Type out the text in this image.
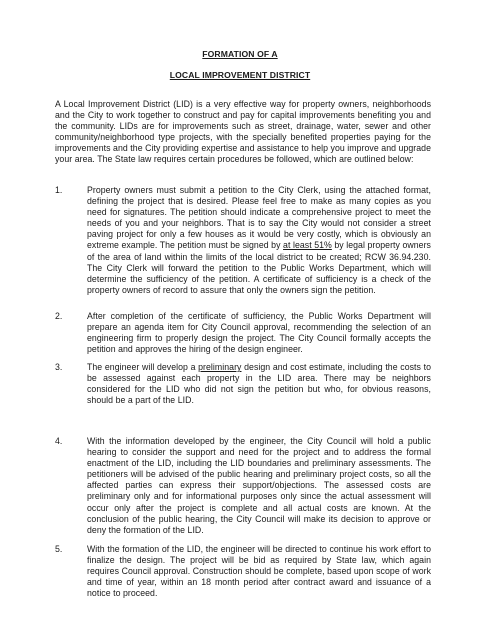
FORMATION OF A
LOCAL IMPROVEMENT DISTRICT
A Local Improvement District (LID) is a very effective way for property owners, neighborhoods and the City to work together to construct and pay for capital improvements benefiting you and the community. LIDs are for improvements such as street, drainage, water, sewer and other community/neighborhood type projects, with the specially benefited properties paying for the improvements and the City providing expertise and assistance to help you improve and upgrade your area. The State law requires certain procedures be followed, which are outlined below:
1.	Property owners must submit a petition to the City Clerk, using the attached format, defining the project that is desired. Please feel free to make as many copies as you need for signatures. The petition should indicate a comprehensive project to meet the needs of you and your neighbors. That is to say the City would not consider a street paving project for only a few houses as it would be very costly, which is obviously an extreme example. The petition must be signed by at least 51% by legal property owners of the area of land within the limits of the local district to be created; RCW 36.94.230. The City Clerk will forward the petition to the Public Works Department, which will determine the sufficiency of the petition. A certificate of sufficiency is a check of the property owners of record to assure that only the owners sign the petition.
2.	After completion of the certificate of sufficiency, the Public Works Department will prepare an agenda item for City Council approval, recommending the selection of an engineering firm to properly design the project. The City Council formally accepts the petition and approves the hiring of the design engineer.
3.	The engineer will develop a preliminary design and cost estimate, including the costs to be assessed against each property in the LID area. There may be neighbors considered for the LID who did not sign the petition but who, for obvious reasons, should be a part of the LID.
4.	With the information developed by the engineer, the City Council will hold a public hearing to consider the support and need for the project and to address the formal enactment of the LID, including the LID boundaries and preliminary assessments. The petitioners will be advised of the public hearing and preliminary project costs, so all the affected parties can express their support/objections. The assessed costs are preliminary only and for informational purposes only since the actual assessment will occur only after the project is complete and all actual costs are known. At the conclusion of the public hearing, the City Council will make its decision to approve or deny the formation of the LID.
5.	With the formation of the LID, the engineer will be directed to continue his work effort to finalize the design. The project will be bid as required by State law, which again requires Council approval. Construction should be complete, based upon scope of work and time of year, within an 18 month period after contract award and issuance of a notice to proceed.
